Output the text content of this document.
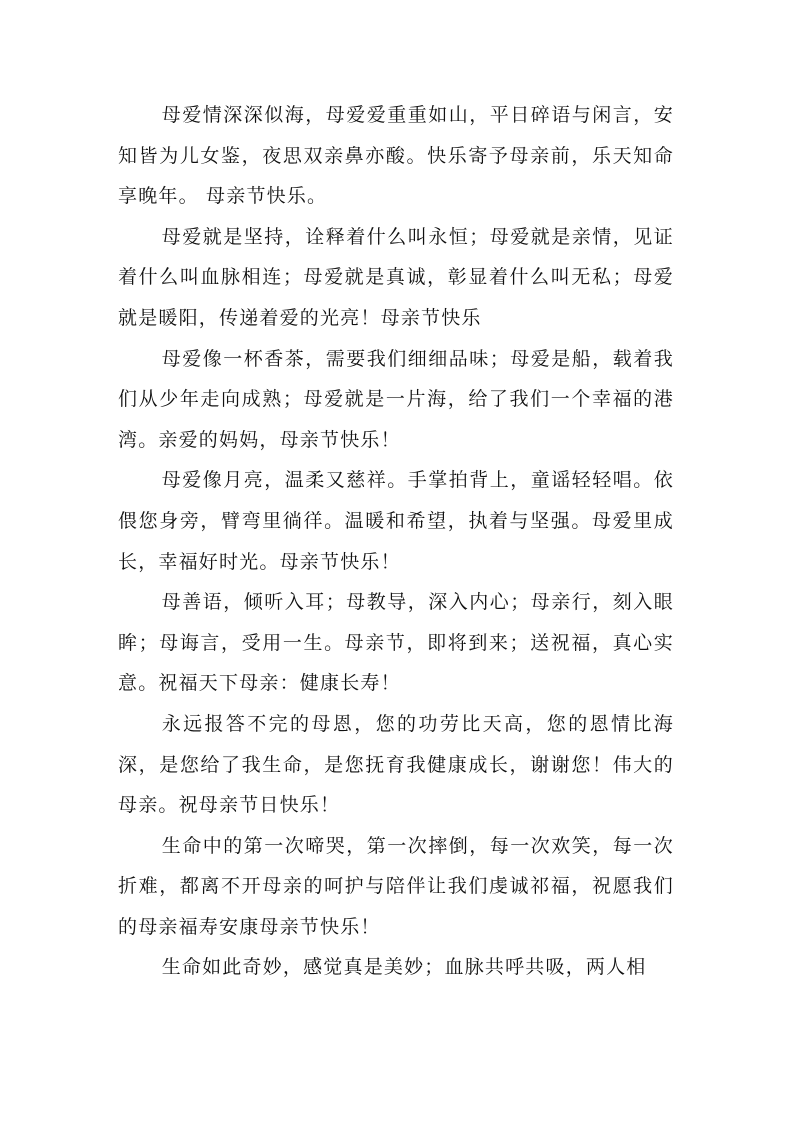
母爱情深深似海，母爱爱重重如山，平日碎语与闲言，安知皆为儿女鉴，夜思双亲鼻亦酸。快乐寄予母亲前，乐天知命享晚年。 母亲节快乐。

母爱就是坚持，诠释着什么叫永恒；母爱就是亲情，见证着什么叫血脉相连；母爱就是真诚，彰显着什么叫无私；母爱就是暖阳，传递着爱的光亮！母亲节快乐

母爱像一杯香茶，需要我们细细品味；母爱是船，载着我们从少年走向成熟；母爱就是一片海，给了我们一个幸福的港湾。亲爱的妈妈，母亲节快乐！

母爱像月亮，温柔又慈祥。手掌拍背上，童谣轻轻唱。依偎您身旁，臂弯里徜徉。温暖和希望，执着与坚强。母爱里成长，幸福好时光。母亲节快乐！

母善语，倾听入耳；母教导，深入内心；母亲行，刻入眼眸；母诲言，受用一生。母亲节，即将到来；送祝福，真心实意。祝福天下母亲：健康长寿！

永远报答不完的母恩，您的功劳比天高，您的恩情比海深，是您给了我生命，是您抚育我健康成长，谢谢您！伟大的母亲。祝母亲节日快乐！

生命中的第一次啼哭，第一次摔倒，每一次欢笑，每一次折难，都离不开母亲的呵护与陪伴让我们虔诚祁福，祝愿我们的母亲福寿安康母亲节快乐！

生命如此奇妙，感觉真是美妙；血脉共呼共吸，两人相
